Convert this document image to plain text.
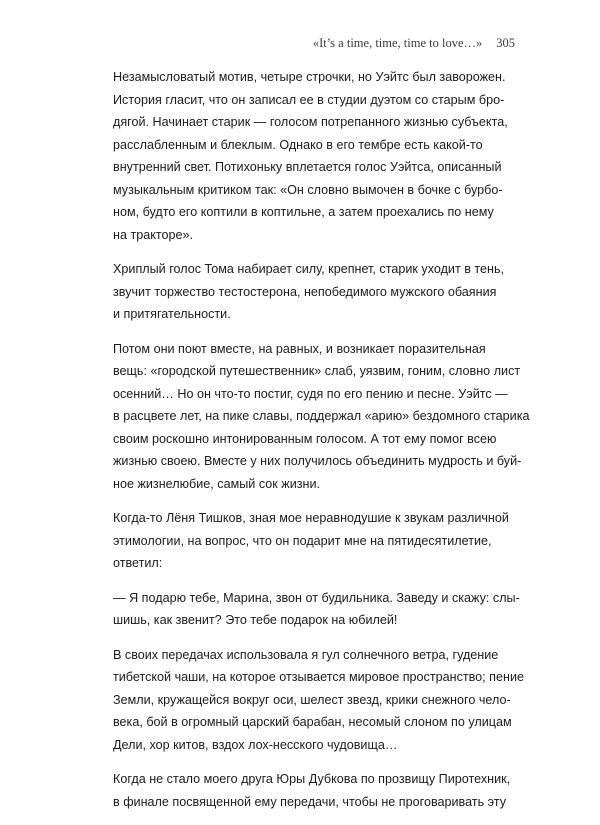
«It’s a time, time, time to love…» 305

Незамысловатый мотив, четыре строчки, но Уэйтс был заворожен.
История гласит, что он записал ее в студии дуэтом со старым бро-
дягой. Начинает старик — голосом потрепанного жизнью субъекта,
расслабленным и блеклым. Однако в его тембре есть какой-то
внутренний свет. Потихоньку вплетается голос Уэйтса, описанный
музыкальным критиком так: «Он словно вымочен в бочке с бурбо-
ном, будто его коптили в коптильне, а затем проехались по нему
на тракторе».

Хриплый голос Тома набирает силу, крепнет, старик уходит в тень,
звучит торжество тестостерона, непобедимого мужского обаяния
и притягательности.

Потом они поют вместе, на равных, и возникает поразительная
вещь: «городской путешественник» слаб, уязвим, гоним, словно лист
осенний… Но он что-то постиг, судя по его пению и песне. Уэйтс —
в расцвете лет, на пике славы, поддержал «арию» бездомного старика
своим роскошно интонированным голосом. А тот ему помог всею
жизнью своею. Вместе у них получилось объединить мудрость и буй-
ное жизнелюбие, самый сок жизни.

Когда-то Лёня Тишков, зная мое неравнодушие к звукам различной
этимологии, на вопрос, что он подарит мне на пятидесятилетие,
ответил:

— Я подарю тебе, Марина, звон от будильника. Заведу и скажу: слы-
шишь, как звенит? Это тебе подарок на юбилей!

В своих передачах использовала я гул солнечного ветра, гудение
тибетской чаши, на которое отзывается мировое пространство; пение
Земли, кружащейся вокруг оси, шелест звезд, крики снежного чело-
века, бой в огромный царский барабан, несомый слоном по улицам
Дели, хор китов, вздох лох-несского чудовища…

Когда не стало моего друга Юры Дубкова по прозвищу Пиротехник,
в финале посвященной ему передачи, чтобы не проговаривать эту
